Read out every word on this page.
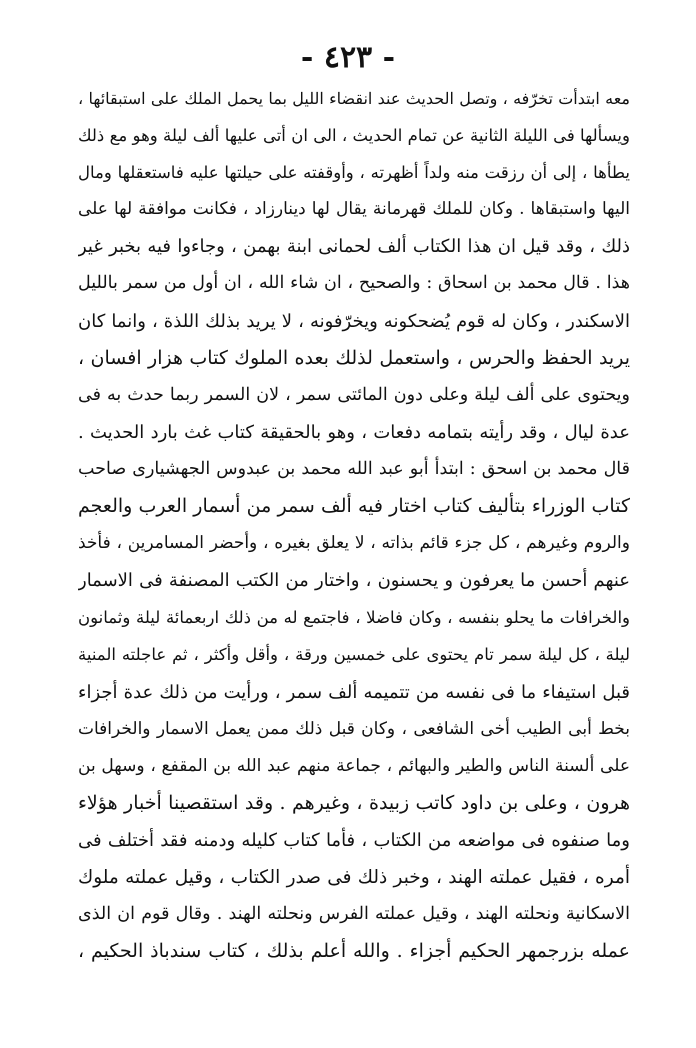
- ٤٢٣ -
معه ابتدأت تخرّفه ، وتصل الحديث عند انقضاء الليل بما يحمل الملك على استبقائها ،
ويسألها فى الليلة الثانية عن تمام الحديث ، الى ان أتى عليها ألف ليلة وهو مع ذلك
يطأها ، إلى أن رزقت منه ولداً أظهرته ، وأوقفته على حيلتها عليه فاستعقلها ومال
اليها واستبقاها . وكان للملك قهرمانة يقال لها دينارزاد ، فكانت موافقة لها على
ذلك ، وقد قيل ان هذا الكتاب ألف لحمانى ابنة بهمن ، وجاءوا فيه بخبر غير
هذا . قال محمد بن اسحاق : والصحيح ، ان شاء الله ، ان أول من سمر بالليل
الاسكندر ، وكان له قوم يُضحكونه ويخرّفونه ، لا يريد بذلك اللذة ، وانما كان
يريد الحفظ والحرس ، واستعمل لذلك بعده الملوك كتاب هزار افسان ،
ويحتوى على ألف ليلة وعلى دون المائتى سمر ، لان السمر ربما حدث به فى
عدة ليال ، وقد رأيته بتمامه دفعات ، وهو بالحقيقة كتاب غث بارد الحديث .
قال محمد بن اسحق : ابتدأ أبو عبد الله محمد بن عبدوس الجهشيارى صاحب
كتاب الوزراء بتأليف كتاب اختار فيه ألف سمر من أسمار العرب والعجم
والروم وغيرهم ، كل جزء قائم بذاته ، لا يعلق بغيره ، وأحضر المسامرين ، فأخذ
عنهم أحسن ما يعرفون و يحسنون ، واختار من الكتب المصنفة فى الاسمار
والخرافات ما يحلو بنفسه ، وكان فاضلا ، فاجتمع له من ذلك اربعمائة ليلة وثمانون
ليلة ، كل ليلة سمر تام يحتوى على خمسين ورقة ، وأقل وأكثر ، ثم عاجلته المنية
قبل استيفاء ما فى نفسه من تتميمه ألف سمر ، ورأيت من ذلك عدة أجزاء
بخط أبى الطيب أخى الشافعى ، وكان قبل ذلك ممن يعمل الاسمار والخرافات
على ألسنة الناس والطير والبهائم ، جماعة منهم عبد الله بن المقفع ، وسهل بن
هرون ، وعلى بن داود كاتب زبيدة ، وغيرهم . وقد استقصينا أخبار هؤلاء
وما صنفوه فى مواضعه من الكتاب ، فأما كتاب كليله ودمنه فقد أختلف فى
أمره ، فقيل عملته الهند ، وخبر ذلك فى صدر الكتاب ، وقيل عملته ملوك
الاسكانية ونحلته الهند ، وقيل عملته الفرس ونحلته الهند . وقال قوم ان الذى
عمله بزرجمهر الحكيم أجزاء . والله أعلم بذلك ، كتاب سندباذ الحكيم ،
